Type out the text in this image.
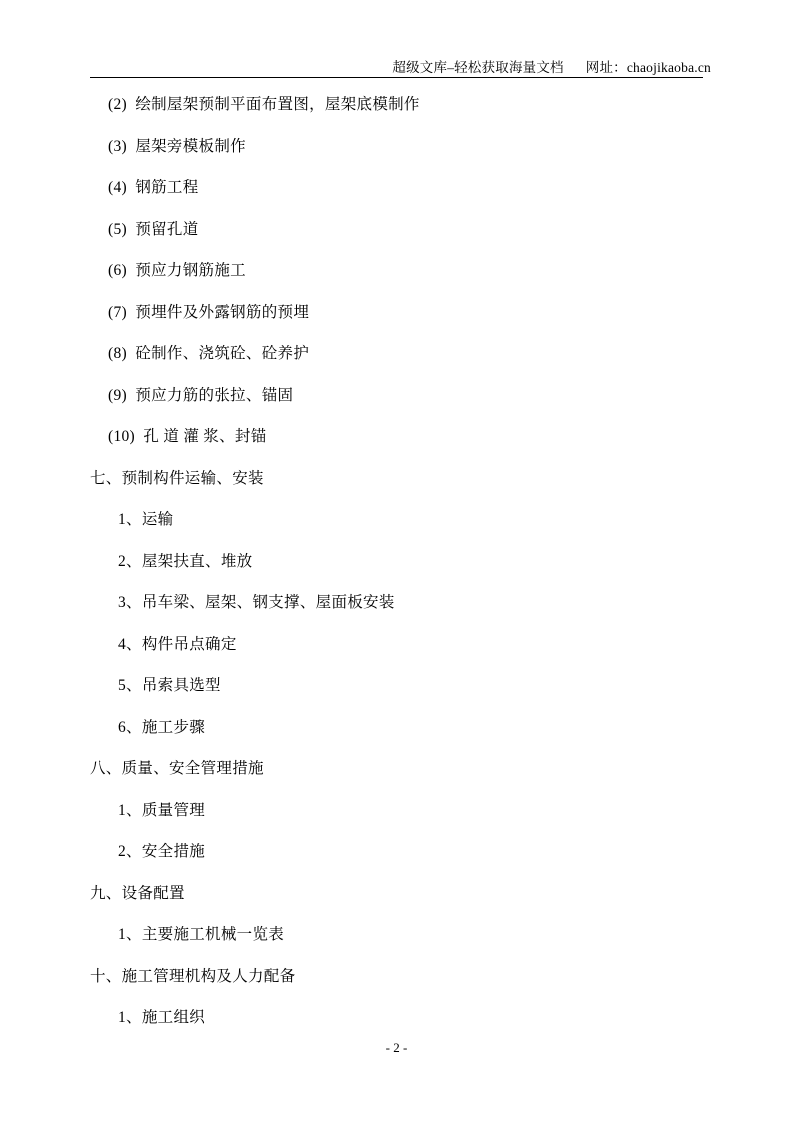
超级文库–轻松获取海量文档 网址：chaojikaoba.cn
(2)  绘制屋架预制平面布置图，屋架底模制作
(3)  屋架旁模板制作
(4)  钢筋工程
(5)  预留孔道
(6)  预应力钢筋施工
(7)  预埋件及外露钢筋的预埋
(8)  砼制作、浇筑砼、砼养护
(9)  预应力筋的张拉、锚固
(10)  孔 道 灌 浆、封锚
七、预制构件运输、安装
1、运输
2、屋架扶直、堆放
3、吊车梁、屋架、钢支撑、屋面板安装
4、构件吊点确定
5、吊索具选型
6、施工步骤
八、质量、安全管理措施
1、质量管理
2、安全措施
九、设备配置
1、主要施工机械一览表
十、施工管理机构及人力配备
1、施工组织
- 2 -
